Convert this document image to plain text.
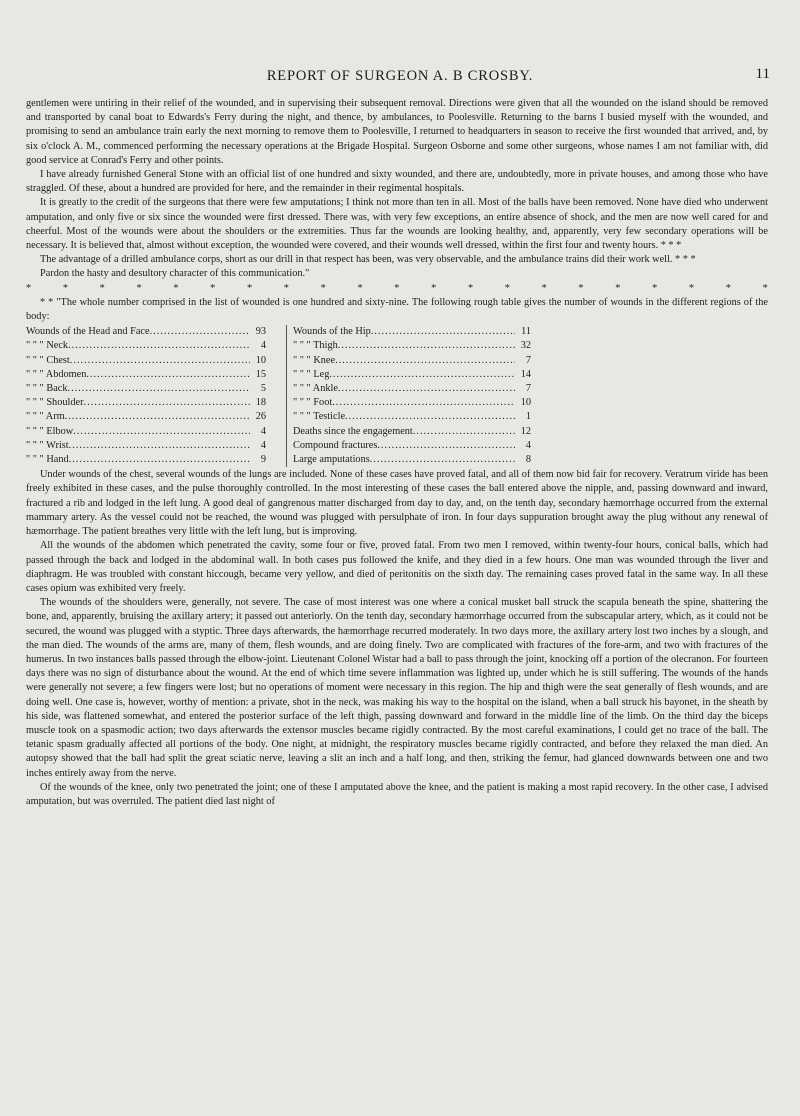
REPORT OF SURGEON A. B CROSBY.	11

gentlemen were untiring in their relief of the wounded, and in supervising their subsequent removal. Directions were given that all the wounded on the island should be removed and transported by canal boat to Edwards's Ferry during the night, and thence, by ambulances, to Poolesville. Returning to the barns I busied myself with the wounded, and promising to send an ambulance train early the next morning to remove them to Poolesville, I returned to headquarters in season to receive the first wounded that arrived, and, by six o'clock A. M., commenced performing the necessary operations at the Brigade Hospital. Surgeon Osborne and some other surgeons, whose names I am not familiar with, did good service at Conrad's Ferry and other points.

I have already furnished General Stone with an official list of one hundred and sixty wounded, and there are, undoubtedly, more in private houses, and among those who have straggled. Of these, about a hundred are provided for here, and the remainder in their regimental hospitals.

It is greatly to the credit of the surgeons that there were few amputations; I think not more than ten in all. Most of the balls have been removed. None have died who underwent amputation, and only five or six since the wounded were first dressed. There was, with very few exceptions, an entire absence of shock, and the men are now well cared for and cheerful. Most of the wounds were about the shoulders or the extremities. Thus far the wounds are looking healthy, and, apparently, very few secondary operations will be necessary. It is believed that, almost without exception, the wounded were covered, and their wounds well dressed, within the first four and twenty hours. * * *

The advantage of a drilled ambulance corps, short as our drill in that respect has been, was very observable, and the ambulance trains did their work well. * * *

Pardon the hasty and desultory character of this communication."

*	*	*	*	*	*	*	*	*	*	*	*	*	*	*	*	*	*	*	*	*

* * "The whole number comprised in the list of wounded is one hundred and sixty-nine. The following rough table gives the number of wounds in the different regions of the body:

Wounds of the Head and Face .....	93
" " " Neck .....	4
" " " Chest .....	10
" " " Abdomen .....	15
" " " Back .....	5
" " " Shoulder .....	18
" " " Arm .....	26
" " " Elbow .....	4
" " " Wrist .....	4
" " " Hand .....	9
Wounds of the Hip .....	11
" " " Thigh .....	32
" " " Knee .....	7
" " " Leg .....	14
" " " Ankle .....	7
" " " Foot .....	10
" " " Testicle .....	1
Deaths since the engagement .....	12
Compound fractures .....	4
Large amputations .....	8

Under wounds of the chest, several wounds of the lungs are included. None of these cases have proved fatal, and all of them now bid fair for recovery. Veratrum viride has been freely exhibited in these cases, and the pulse thoroughly controlled. In the most interesting of these cases the ball entered above the nipple, and, passing downward and inward, fractured a rib and lodged in the left lung. A good deal of gangrenous matter discharged from day to day, and, on the tenth day, secondary hæmorrhage occurred from the external mammary artery. As the vessel could not be reached, the wound was plugged with persulphate of iron. In four days suppuration brought away the plug without any renewal of hæmorrhage. The patient breathes very little with the left lung, but is improving.

All the wounds of the abdomen which penetrated the cavity, some four or five, proved fatal. From two men I removed, within twenty-four hours, conical balls, which had passed through the back and lodged in the abdominal wall. In both cases pus followed the knife, and they died in a few hours. One man was wounded through the liver and diaphragm. He was troubled with constant hiccough, became very yellow, and died of peritonitis on the sixth day. The remaining cases proved fatal in the same way. In all these cases opium was exhibited very freely.

The wounds of the shoulders were, generally, not severe. The case of most interest was one where a conical musket ball struck the scapula beneath the spine, shattering the bone, and, apparently, bruising the axillary artery; it passed out anteriorly. On the tenth day, secondary hæmorrhage occurred from the subscapular artery, which, as it could not be secured, the wound was plugged with a styptic. Three days afterwards, the hæmorrhage recurred moderately. In two days more, the axillary artery lost two inches by a slough, and the man died. The wounds of the arms are, many of them, flesh wounds, and are doing finely. Two are complicated with fractures of the fore-arm, and two with fractures of the humerus. In two instances balls passed through the elbow-joint. Lieutenant Colonel Wistar had a ball to pass through the joint, knocking off a portion of the olecranon. For fourteen days there was no sign of disturbance about the wound. At the end of which time severe inflammation was lighted up, under which he is still suffering. The wounds of the hands were generally not severe; a few fingers were lost; but no operations of moment were necessary in this region. The hip and thigh were the seat generally of flesh wounds, and are doing well. One case is, however, worthy of mention: a private, shot in the neck, was making his way to the hospital on the island, when a ball struck his bayonet, in the sheath by his side, was flattened somewhat, and entered the posterior surface of the left thigh, passing downward and forward in the middle line of the limb. On the third day the biceps muscle took on a spasmodic action; two days afterwards the extensor muscles became rigidly contracted. By the most careful examinations, I could get no trace of the ball. The tetanic spasm gradually affected all portions of the body. One night, at midnight, the respiratory muscles became rigidly contracted, and before they relaxed the man died. An autopsy showed that the ball had split the great sciatic nerve, leaving a slit an inch and a half long, and then, striking the femur, had glanced downwards between one and two inches entirely away from the nerve.

Of the wounds of the knee, only two penetrated the joint; one of these I amputated above the knee, and the patient is making a most rapid recovery. In the other case, I advised amputation, but was overruled. The patient died last night of
